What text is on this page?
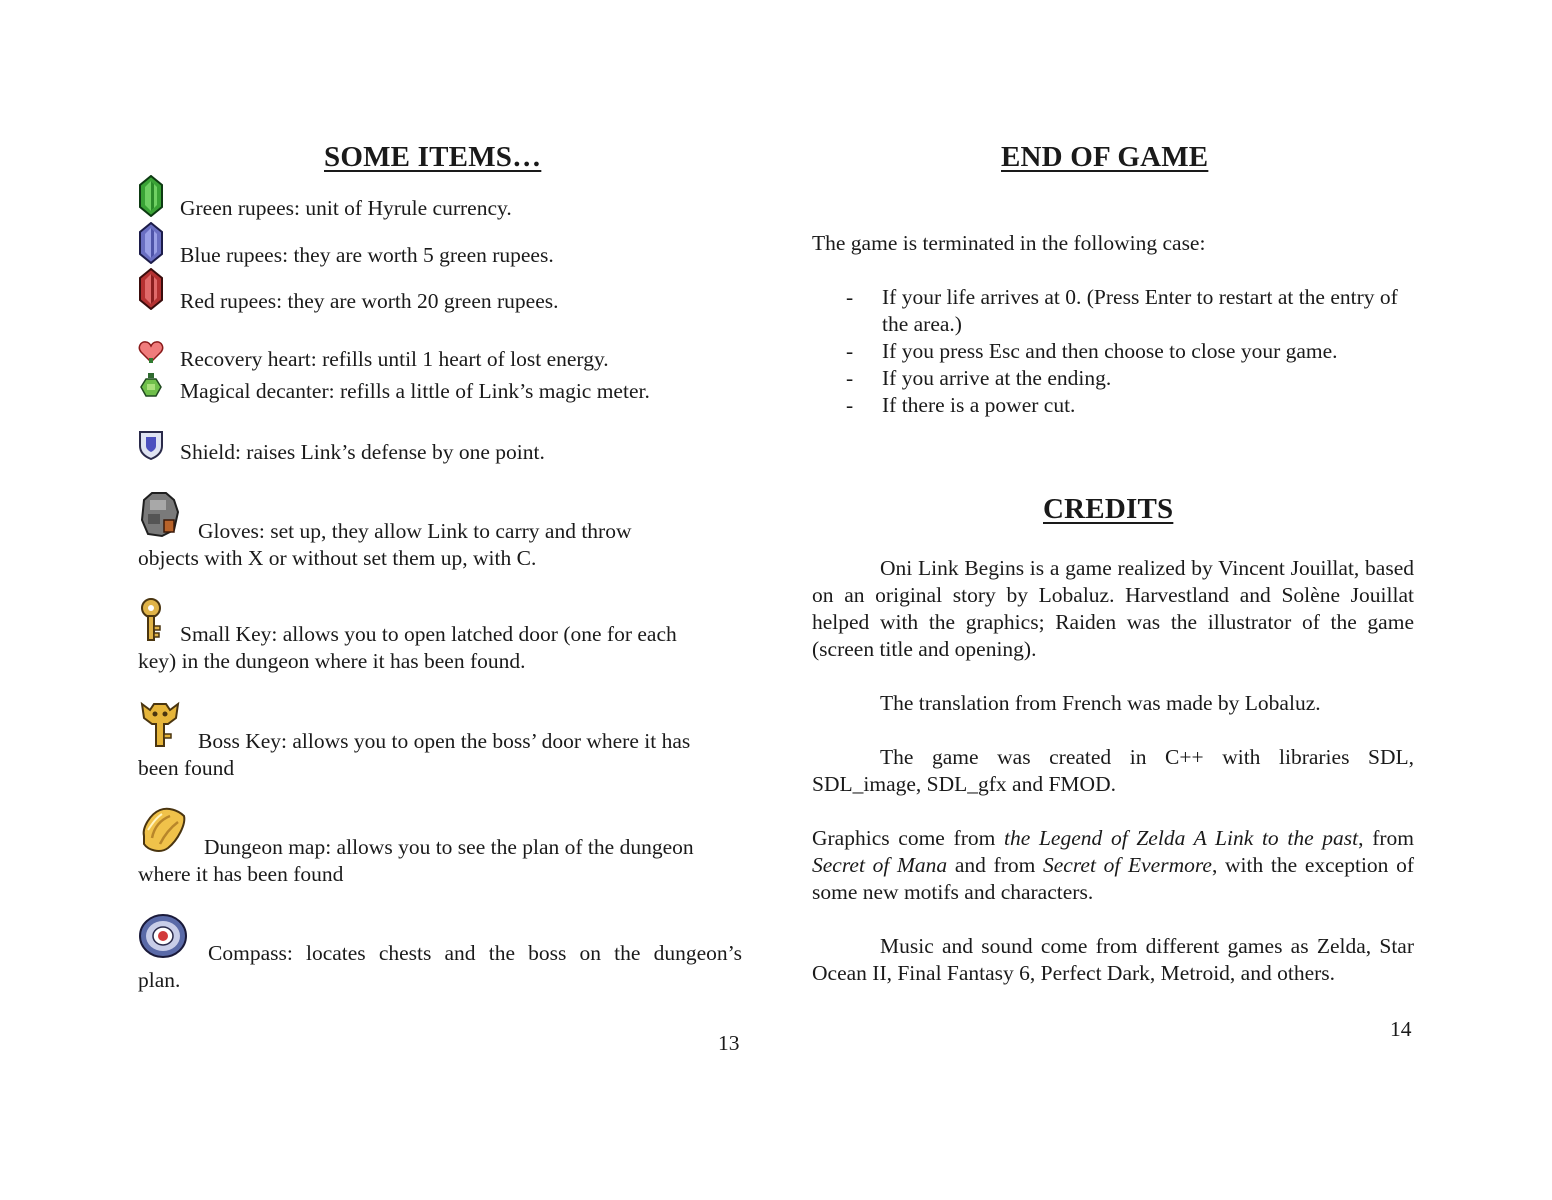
SOME ITEMS…
Green rupees: unit of Hyrule currency.
Blue rupees: they are worth 5 green rupees.
Red rupees: they are worth 20 green rupees.
Recovery heart: refills until 1 heart of lost energy.
Magical decanter: refills a little of Link’s magic meter.
Shield: raises Link’s defense by one point.
Gloves: set up, they allow Link to carry and throw
objects with X or without set them up, with C.
Small Key: allows you to open latched door (one for each
key) in the dungeon where it has been found.
Boss Key: allows you to open the boss’ door where it has
been found
Dungeon map: allows you to see the plan of the dungeon
where it has been found
Compass: locates chests and the boss on the dungeon’s
plan.
13
END OF GAME

The game is terminated in the following case:

- If your life arrives at 0. (Press Enter to restart at the entry of the area.)
- If you press Esc and then choose to close your game.
- If you arrive at the ending.
- If there is a power cut.
CREDITS

Oni Link Begins is a game realized by Vincent Jouillat, based on an original story by Lobaluz. Harvestland and Solène Jouillat helped with the graphics; Raiden was the illustrator of the game (screen title and opening).

The translation from French was made by Lobaluz.

The game was created in C++ with libraries SDL, SDL_image, SDL_gfx and FMOD.

Graphics come from the Legend of Zelda A Link to the past, from Secret of Mana and from Secret of Evermore, with the exception of some new motifs and characters.

Music and sound come from different games as Zelda, Star Ocean II, Final Fantasy 6, Perfect Dark, Metroid, and others.

14
